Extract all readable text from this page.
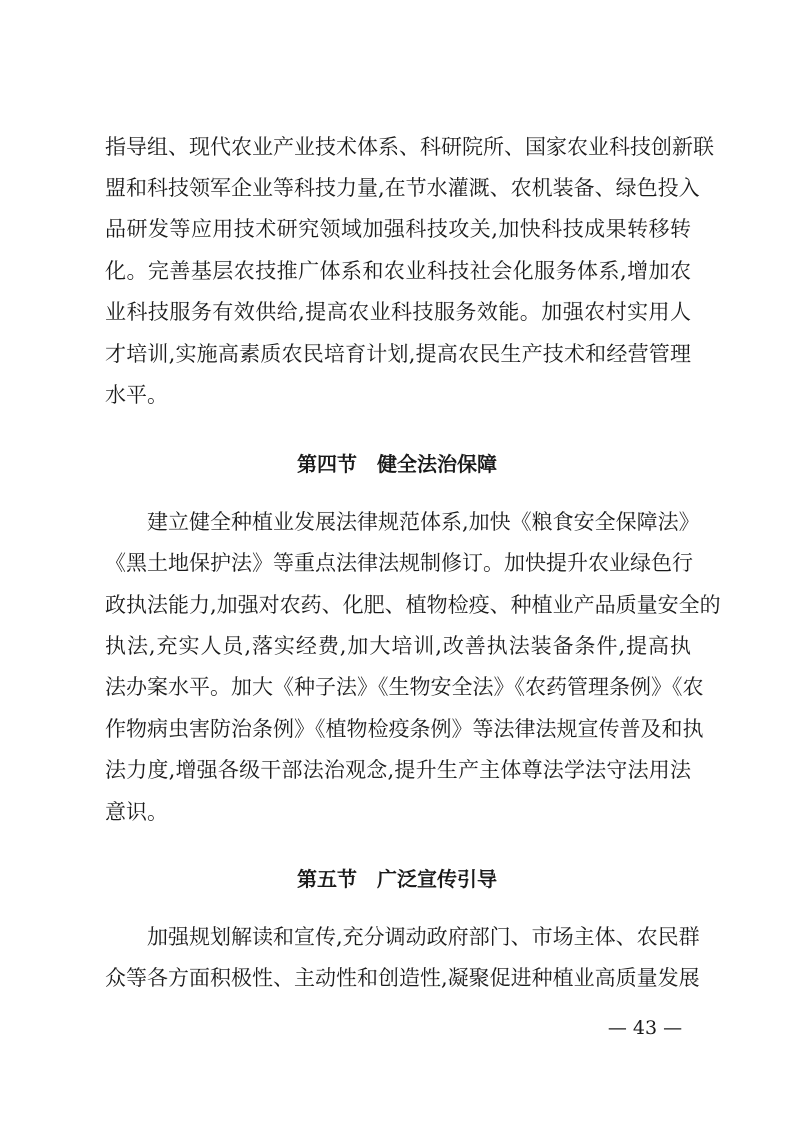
指导组、现代农业产业技术体系、科研院所、国家农业科技创新联
盟和科技领军企业等科技力量,在节水灌溉、农机装备、绿色投入
品研发等应用技术研究领域加强科技攻关,加快科技成果转移转
化。完善基层农技推广体系和农业科技社会化服务体系,增加农
业科技服务有效供给,提高农业科技服务效能。加强农村实用人
才培训,实施高素质农民培育计划,提高农民生产技术和经营管理
水平。
第四节　健全法治保障
建立健全种植业发展法律规范体系,加快《粮食安全保障法》
《黑土地保护法》等重点法律法规制修订。加快提升农业绿色行
政执法能力,加强对农药、化肥、植物检疫、种植业产品质量安全的
执法,充实人员,落实经费,加大培训,改善执法装备条件,提高执
法办案水平。加大《种子法》《生物安全法》《农药管理条例》《农
作物病虫害防治条例》《植物检疫条例》等法律法规宣传普及和执
法力度,增强各级干部法治观念,提升生产主体尊法学法守法用法
意识。
第五节　广泛宣传引导
加强规划解读和宣传,充分调动政府部门、市场主体、农民群
众等各方面积极性、主动性和创造性,凝聚促进种植业高质量发展
— 43 —
